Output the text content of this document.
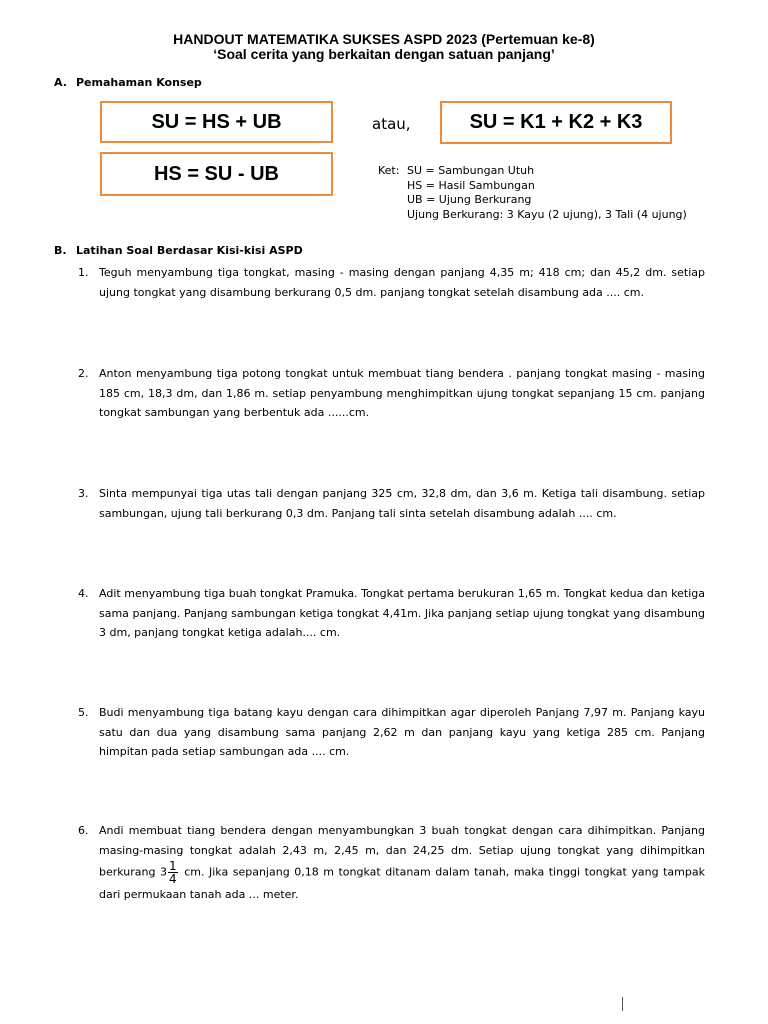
HANDOUT MATEMATIKA SUKSES ASPD 2023 (Pertemuan ke-8)
‘Soal cerita yang berkaitan dengan satuan panjang’
A. Pemahaman Konsep
SU = HS + UB
HS = SU - UB
atau,	SU = K1 + K2 + K3
Ket: SU = Sambungan Utuh
HS = Hasil Sambungan
UB = Ujung Berkurang
Ujung Berkurang: 3 Kayu (2 ujung), 3 Tali (4 ujung)
B. Latihan Soal Berdasar Kisi-kisi ASPD
1. Teguh menyambung tiga tongkat, masing - masing dengan panjang 4,35 m; 418 cm; dan 45,2 dm. setiap ujung tongkat yang disambung berkurang 0,5 dm. panjang tongkat setelah disambung ada .... cm.
2. Anton menyambung tiga potong tongkat untuk membuat tiang bendera . panjang tongkat masing - masing 185 cm, 18,3 dm, dan 1,86 m. setiap penyambung menghimpitkan ujung tongkat sepanjang 15 cm. panjang tongkat sambungan yang berbentuk ada ......cm.
3. Sinta mempunyai tiga utas tali dengan panjang 325 cm, 32,8 dm, dan 3,6 m. Ketiga tali disambung. setiap sambungan, ujung tali berkurang 0,3 dm. Panjang tali sinta setelah disambung adalah .... cm.
4. Adit menyambung tiga buah tongkat Pramuka. Tongkat pertama berukuran 1,65 m. Tongkat kedua dan ketiga sama panjang. Panjang sambungan ketiga tongkat 4,41m. Jika panjang setiap ujung tongkat yang disambung 3 dm, panjang tongkat ketiga adalah.... cm.
5. Budi menyambung tiga batang kayu dengan cara dihimpitkan agar diperoleh Panjang 7,97 m. Panjang kayu satu dan dua yang disambung sama panjang 2,62 m dan panjang kayu yang ketiga 285 cm. Panjang himpitan pada setiap sambungan ada .... cm.
6. Andi membuat tiang bendera dengan menyambungkan 3 buah tongkat dengan cara dihimpitkan. Panjang masing-masing tongkat adalah 2,43 m, 2,45 m, dan 24,25 dm. Setiap ujung tongkat yang dihimpitkan berkurang $3 \frac{1}{4}$ cm. Jika sepanjang 0,18 m tongkat ditanam dalam tanah, maka tinggi tongkat yang tampak dari permukaan tanah ada ... meter.
